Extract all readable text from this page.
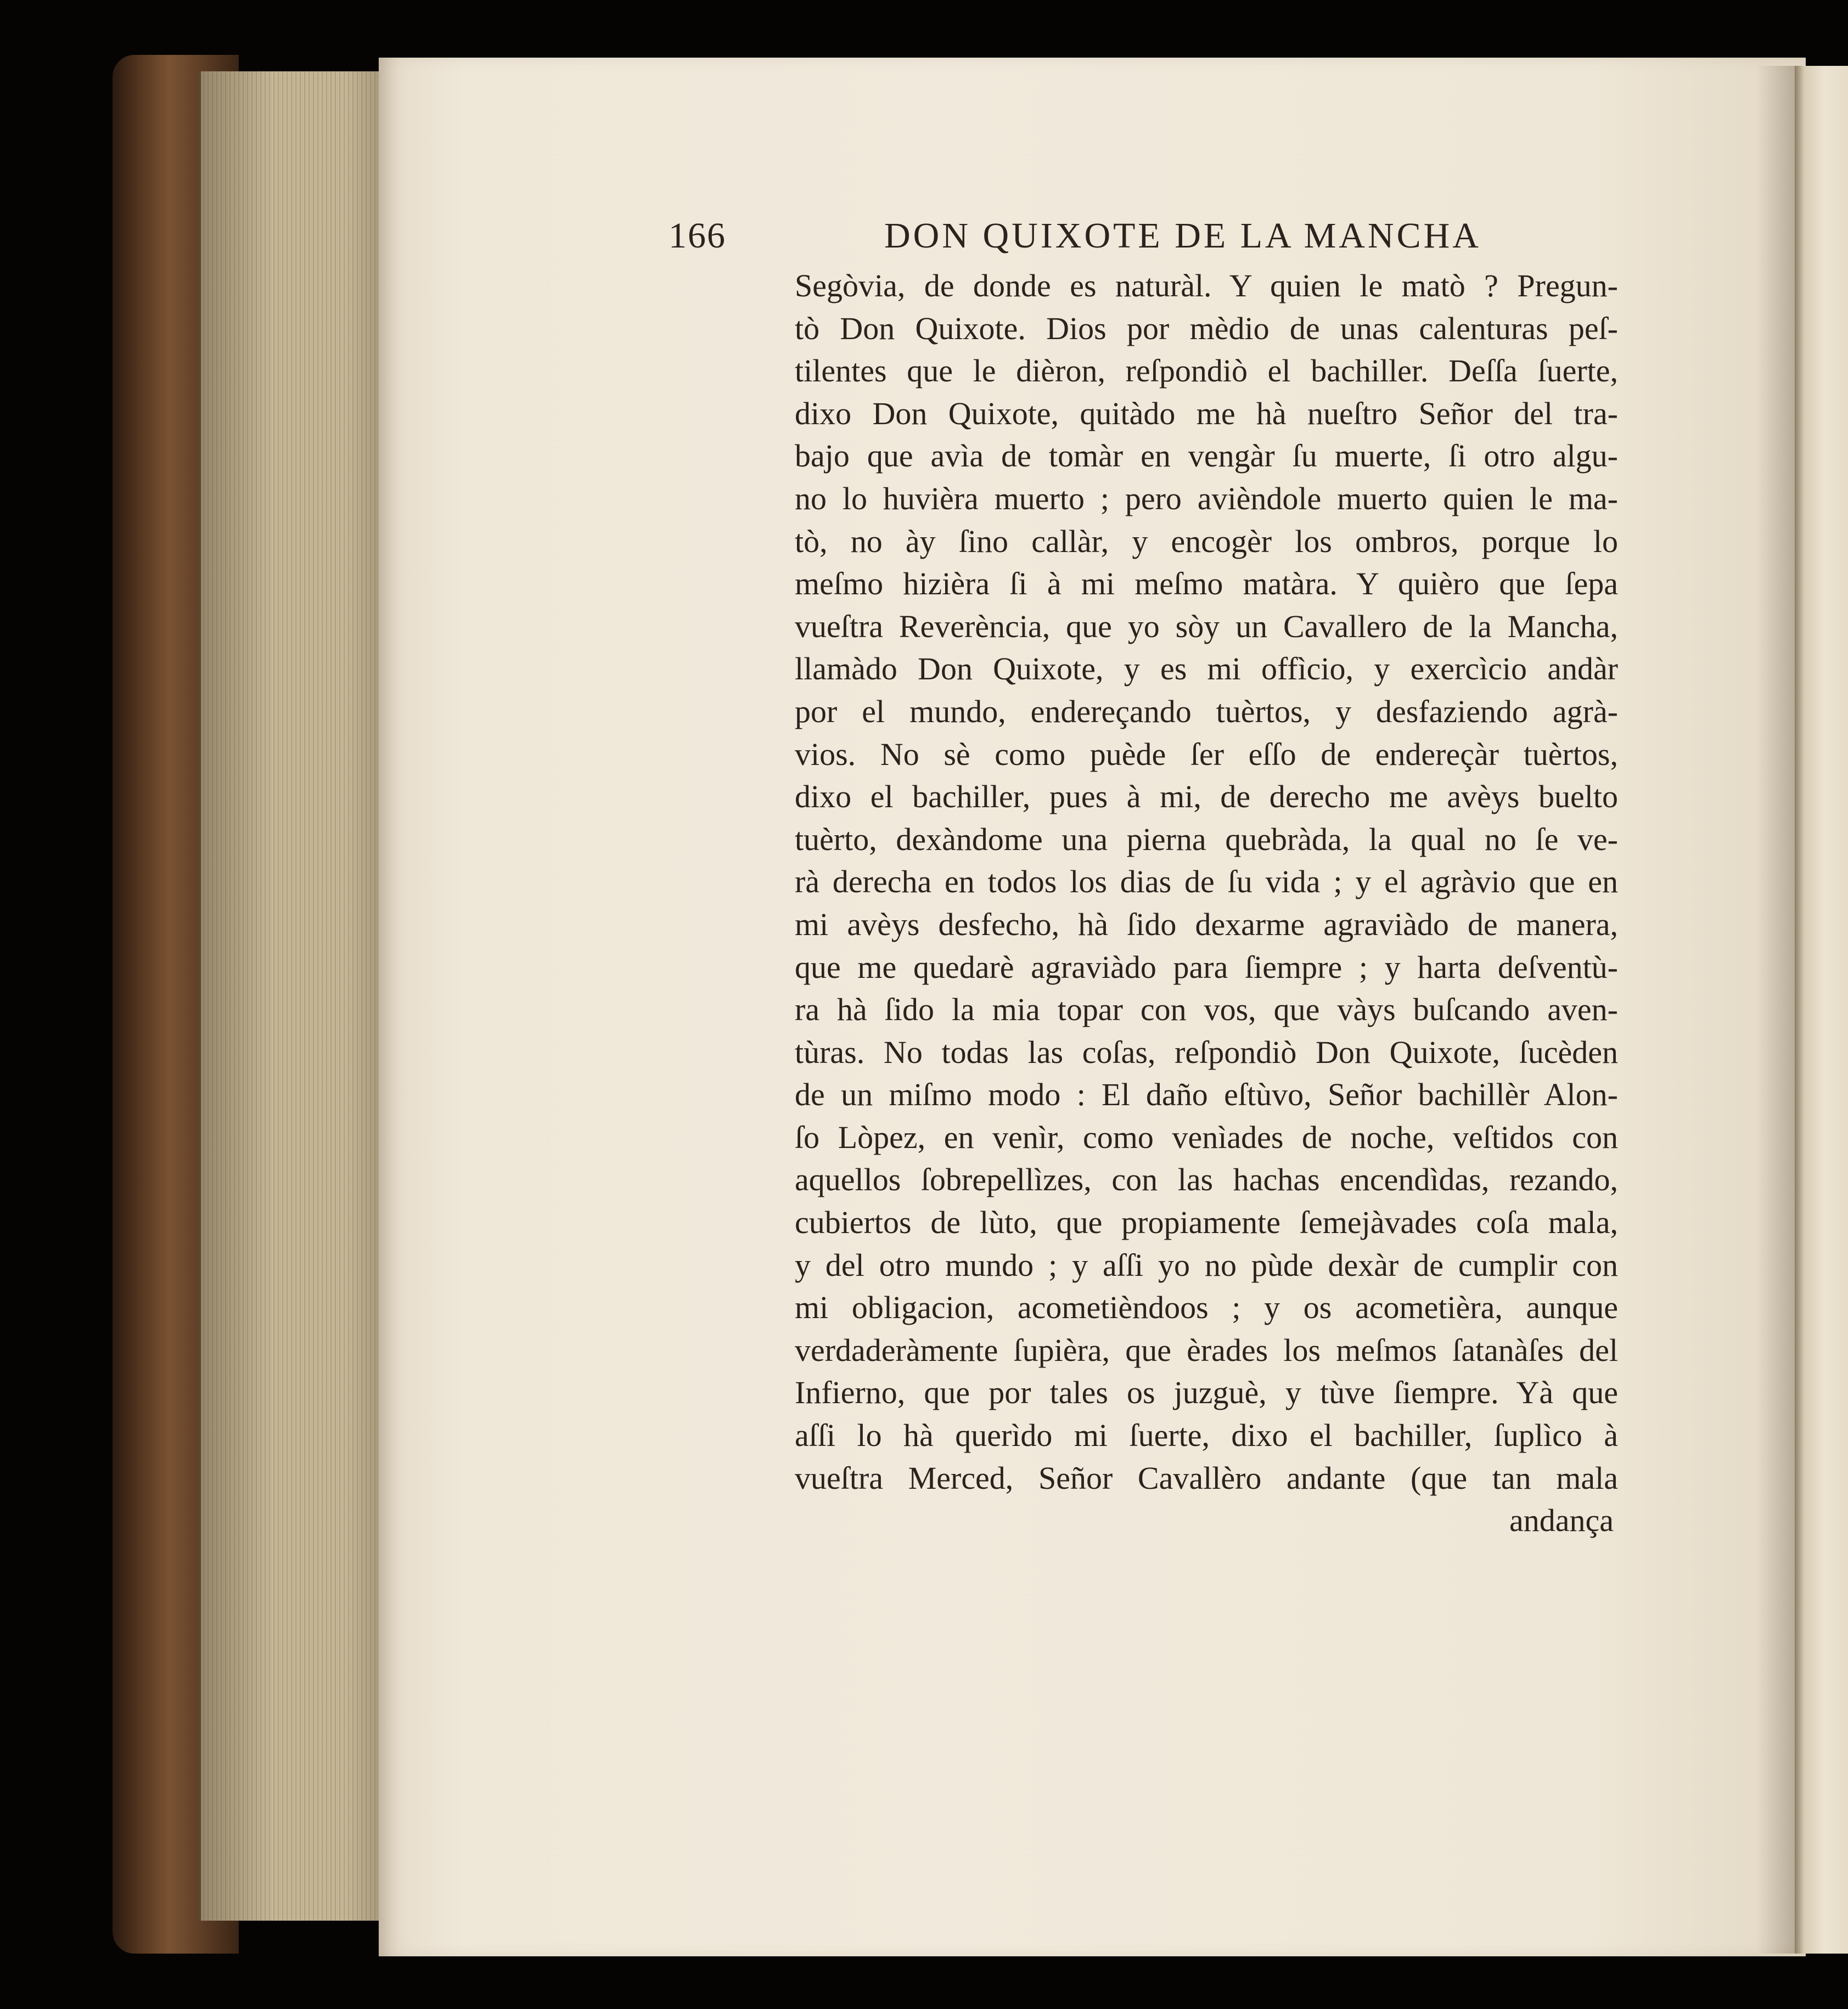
166	DON QUIXOTE DE LA MANCHA
Segòvia, de donde es naturàl. Y quien le matò ? Pregun-
tò Don Quixote. Dios por mèdio de unas calenturas peſ-
tilentes que le dièron, reſpondiò el bachiller. Deſſa ſuerte,
dixo Don Quixote, quitàdo me hà nueſtro Señor del tra-
bajo que avìa de tomàr en vengàr ſu muerte, ſi otro algu-
no lo huvièra muerto ; pero avièndole muerto quien le ma-
tò, no ày ſino callàr, y encogèr los ombros, porque lo
meſmo hizièra ſi à mi meſmo matàra. Y quièro que ſepa
vueſtra Reverència, que yo sòy un Cavallero de la Mancha,
llamàdo Don Quixote, y es mi offìcio, y exercìcio andàr
por el mundo, endereçando tuèrtos, y desfaziendo agrà-
vios. No sè como puède ſer eſſo de endereçàr tuèrtos,
dixo el bachiller, pues à mi, de derecho me avèys buelto
tuèrto, dexàndome una pierna quebràda, la qual no ſe ve-
rà derecha en todos los dias de ſu vida ; y el agràvio que en
mi avèys desfecho, hà ſido dexarme agraviàdo de manera,
que me quedarè agraviàdo para ſiempre ; y harta deſventù-
ra hà ſido la mia topar con vos, que vàys buſcando aven-
tùras. No todas las coſas, reſpondiò Don Quixote, ſucèden
de un miſmo modo : El daño eſtùvo, Señor bachillèr Alon-
ſo Lòpez, en venìr, como venìades de noche, veſtidos con
aquellos ſobrepellìzes, con las hachas encendìdas, rezando,
cubiertos de lùto, que propiamente ſemejàvades coſa mala,
y del otro mundo ; y aſſi yo no pùde dexàr de cumplir con
mi obligacion, acometièndoos ; y os acometièra, aunque
verdaderàmente ſupièra, que èrades los meſmos ſatanàſes del
Infierno, que por tales os juzguè, y tùve ſiempre. Yà que
aſſi lo hà querìdo mi ſuerte, dixo el bachiller, ſuplìco à
vueſtra Merced, Señor Cavallèro andante (que tan mala
andança
